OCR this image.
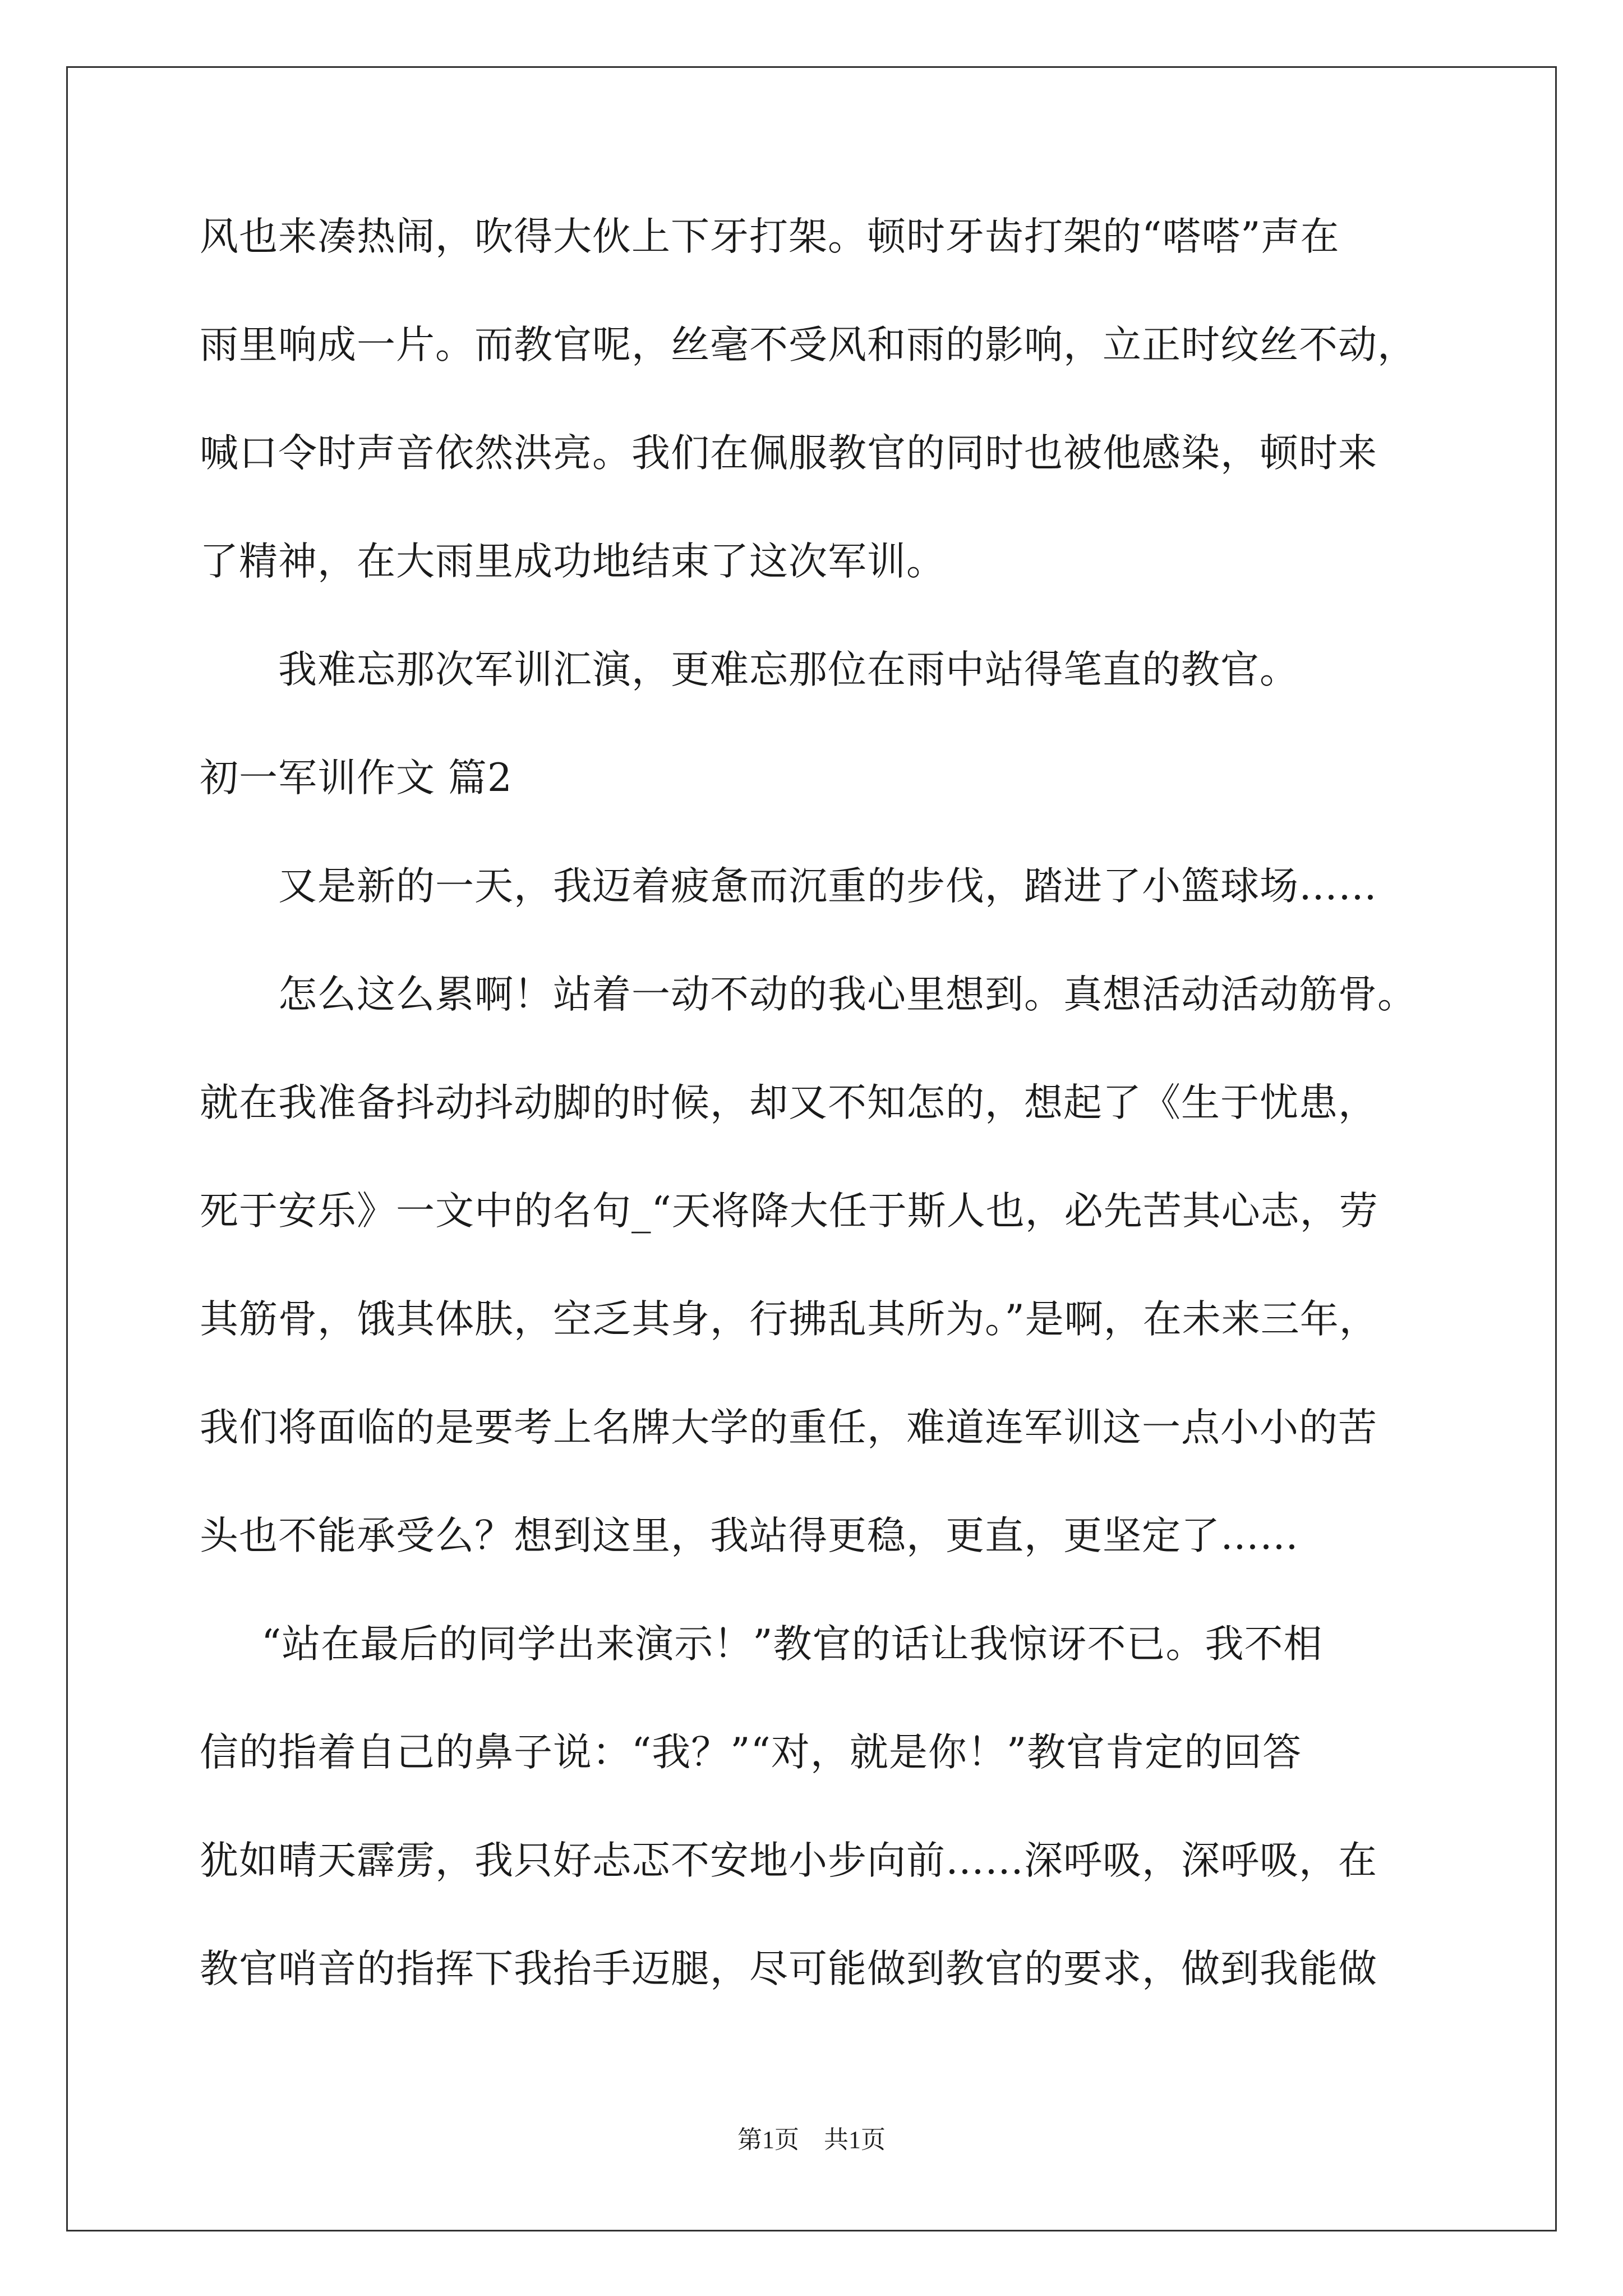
风也来凑热闹，吹得大伙上下牙打架。顿时牙齿打架的“嗒嗒”声在
雨里响成一片。而教官呢，丝毫不受风和雨的影响，立正时纹丝不动，
喊口令时声音依然洪亮。我们在佩服教官的同时也被他感染，顿时来
了精神，在大雨里成功地结束了这次军训。
我难忘那次军训汇演，更难忘那位在雨中站得笔直的教官。
初一军训作文 篇2
又是新的一天，我迈着疲惫而沉重的步伐，踏进了小篮球场……
怎么这么累啊！站着一动不动的我心里想到。真想活动活动筋骨。
就在我准备抖动抖动脚的时候，却又不知怎的，想起了《生于忧患，
死于安乐》一文中的名句_“天将降大任于斯人也，必先苦其心志，劳
其筋骨，饿其体肤，空乏其身，行拂乱其所为。”是啊，在未来三年，
我们将面临的是要考上名牌大学的重任，难道连军训这一点小小的苦
头也不能承受么？想到这里，我站得更稳，更直，更坚定了……
“站在最后的同学出来演示！”教官的话让我惊讶不已。我不相
信的指着自己的鼻子说：“我？”“对，就是你！”教官肯定的回答
犹如晴天霹雳，我只好忐忑不安地小步向前……深呼吸，深呼吸，在
教官哨音的指挥下我抬手迈腿，尽可能做到教官的要求，做到我能做
第1页　共1页
